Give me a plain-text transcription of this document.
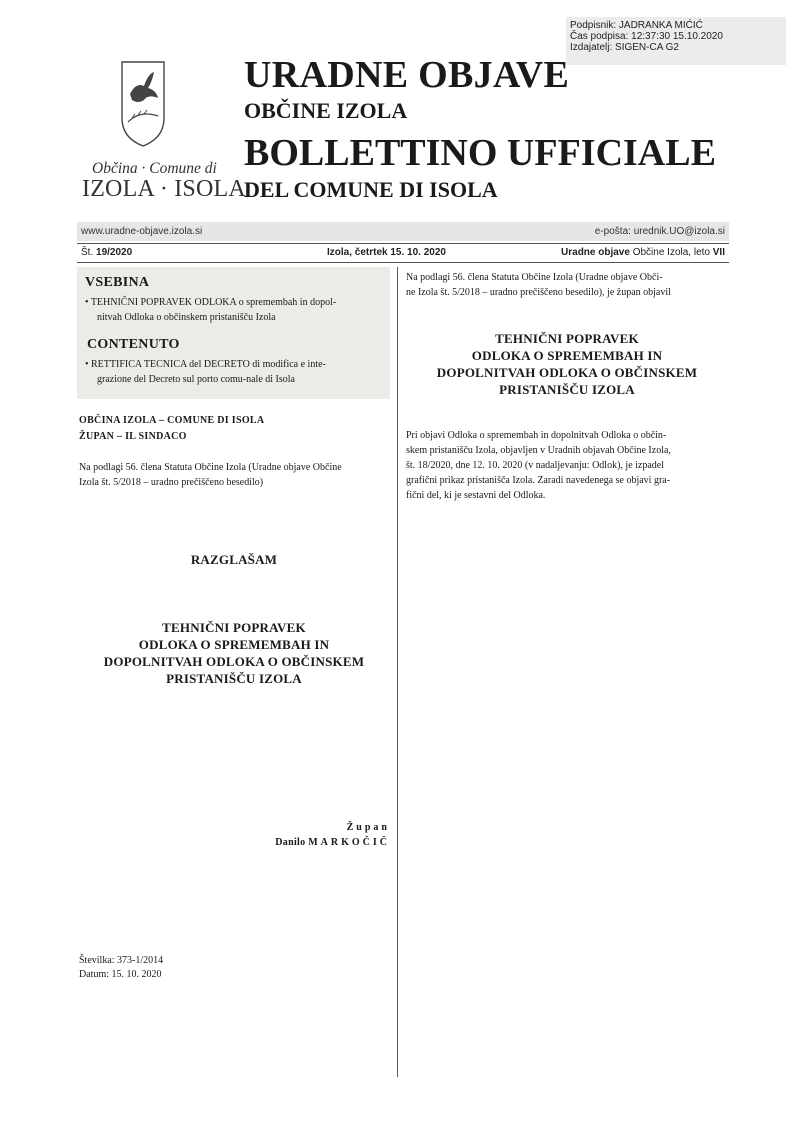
Podpisnik: JADRANKA MIĆIĆ
Čas podpisa: 12:37:30 15.10.2020
Izdajatelj: SIGEN-CA G2
Občina · Comune di
IZOLA · ISOLA
URADNE OBJAVE
OBČINE IZOLA
BOLLETTINO UFFICIALE
DEL COMUNE DI ISOLA
www.uradne-objave.izola.si	e-pošta: urednik.UO@izola.si
Št. 19/2020	Izola, četrtek 15. 10. 2020	Uradne objave Občine Izola, leto VII
VSEBINA
• TEHNIČNI POPRAVEK ODLOKA o spremembah in dopol-
nitvah Odloka o občinskem pristanišču Izola
CONTENUTO
• RETTIFICA TECNICA del DECRETO di modifica e inte-
grazione del Decreto sul porto comu-nale di Isola
OBČINA IZOLA – COMUNE DI ISOLA
ŽUPAN – IL SINDACO
Na podlagi 56. člena Statuta Občine Izola (Uradne objave Občine
Izola št. 5/2018 – uradno prečiščeno besedilo)
RAZGLAŠAM
TEHNIČNI POPRAVEK
ODLOKA O SPREMEMBAH IN
DOPOLNITVAH ODLOKA O OBČINSKEM
PRISTANIŠČU IZOLA
Župan
Danilo MARKOČIČ
Številka: 373-1/2014
Datum: 15. 10. 2020
Na podlagi 56. člena Statuta Občine Izola (Uradne objave Obči-
ne Izola št. 5/2018 – uradno prečiščeno besedilo), je župan objavil
TEHNIČNI POPRAVEK
ODLOKA O SPREMEMBAH IN
DOPOLNITVAH ODLOKA O OBČINSKEM
PRISTANIŠČU IZOLA
Pri objavi Odloka o spremembah in dopolnitvah Odloka o občin-
skem pristanišču Izola, objavljen v Uradnih objavah Občine Izola,
št. 18/2020, dne 12. 10. 2020 (v nadaljevanju: Odlok), je izpadel
grafični prikaz pristanišča Izola. Zaradi navedenega se objavi gra-
fični del, ki je sestavni del Odloka.
